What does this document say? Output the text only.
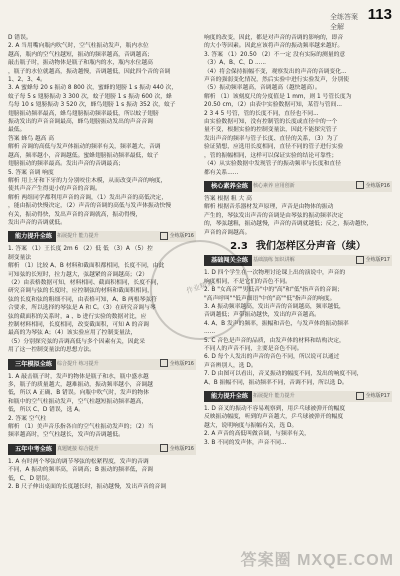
全练答案全解
113
D 错误。
2. A 当用嘴向瓶内吹气时，空气柱振动发声，瓶内水位
越高，瓶内的空气柱越短，振动的频率越高，音调越高；
敲击瓶子时，振动物体是瓶子和瓶内的水，瓶内水位越高
，瓶子的水位就越高，振动越慢，音调越低，因此四个音的音调
1、2、3、4。
3. A 蜜蜂每 20 s 振动 8 800 次，蜜蜂的翅膀 1 s 振动 440 次，
蚊子每 5 s 翅膀振动 3 300 次，蚊子翅膀 1 s 振动 600 次，蜂
鸟每 10 s 翅膀振动 3 520 次，蜂鸟翅膀 1 s 振动 352 次，蚊子
翅膀振动频率最高，蜂鸟翅膀振动频率最低，所以蚊子翅膀
振动发出的声音音调最高，蜂鸟翅膀振动发出的声音音调
最低。
答案 蜂鸟 越高 高
解析 音调的高低与发声体振动的频率有关，频率越大，音调
越高，频率越小，音调越低。蜜蜂翅膀振动频率最低，蚊子
翅膀振动的频率最高。发出声音的音调最高；
5. 答案 音调 响度
解析 用上牙和下牙的力分别咬住木模，从而改变声音的响度，
使其声音产生得更小的声音的音调。
解析 两组同学都利用声音的音调，（1）发出声音的高低决定，
，能由振动快慢决定，（2）声音的音调的高低与发声体振动快慢
有关，振动得快，发出声音的音调就高，振动得慢，
发出声音的音调就低。
能力提升全练 拓展提升 能力提升	全练版P16
1. 答案 （1）王长度 2m 6 （2）低 低 （3）A （5）控
制变量法
解析 （1）比较 A、B 材料和截面积都相同，长度不同，由此
可知弦的长短时，拉力越大，弦越紧的音调越高；（2）
（2）由表格数据可知，材料相同、截面积相同，长度不同，
研究音调与弦的长度时，应控制弦的材料和截面积相同，
弦的长度和弦的粗细不同，由表格可知，A、B 两根琴弦符
合要求，所以选择的琴弦是 A 和 C。（3）在研究音调与琴
弦的截面积的关系时，a 、b 进行实验的数据对比，应
控制材料相同，长度相同，改变截面积，可知 A 的音调
最高的为琴弦 A；（4）该实验应用了控制变量法，
（5）分别探究弦的音调高低与多个因素有关，因此采
用了这一控制变量法的思想方法。
三年模拟全练 综合提升 练习提升	全练版P16
1. A 敲击瓶子时，发声的物体是瓶子和水，瓶中盛水越
多，瓶子的质量越大，越难振动，振动频率越小，音调越
低，所以 A 正确、B 错误。向瓶中吹气时，发声的物体
和瓶中的空气柱振动发声，空气柱越短振动频率越高，
低，所以 C、D 错误，选 A。
2. 答案 空气柱
解析 （1）美声音乐指各自的空气柱振动发声的；（2）当
频率越高时，空气柱越长，发声的音调越低。
五年中考全练 真题链接 综合提升	全练版P16
1. A 有时两个琴弦的调节琴弦的松紧程度，发声的音调
不同，A 振动的频率高，音调高；B 振动的频率低，音调
低，C、D 错误。
2. B 尺子伸出桌面的长度越长时，振动越慢，发出声音的音调
响度的改变，因此，都是对声音的音调的影响的，即音
的大小等因素。因此应该将声音的振动频率越来越好。
3. 答案 （1）20.50 （2）不一定 没有实际的测量的意
（3）A、B、C、D ......
（4）将会保持振幅不变，观察发出的声音的音调变化...
声音的强弱变化情况，然后实验中进行实验发声，分别使
（5）振动频率越高，音调越高（越快越高）。
解析 （1）该刻度尺的分度值是 1 mm，则 1 号管长度为
20.50 cm，（2）由表中实验数据可知，某管与管间...
2 3 4 5 号管，管的长度不同，直径也不同...
由实验数据可知，没有控制管的长度或直径中的一个
量不变，根据实验的控制变量法，因此不能探究管子
发出声音的频率与管子长度、直径的关系，（3）为了
验证猜想，应选用长度相同，直径不同的管子进行实验
，管的振幅相同，这样可以保证实验的结论可靠性；
（4）从实验数据中发现管子的振动频率与长度和直径
都有关系......
核心素养全练 核心素养 应用创新	全练版P16
答案 根据 粗 大 高
解析 根据音乐器材发声原理，声音是由物体的振动
产生的，琴弦发出声音的音调是由琴弦的振动频率决定
的，琴弦越粗，振动越慢，声音的音调就越低；反之，振动越快，
声音的音调越高。
2.3 我们怎样区分声音（续）
基础闯关全练 基础演练 知识讲解	全练版P17
1. D 四个学生在一次物理讨论课上出的演说中，声音的
响度相同，不是它们的音色不同。
2. B "女高音""男低音"中的"高"和"低"指声音的音调；
"高声呼叫""低声细语"中的"高""低"指声音的响度。
3. A 振动频率越高，发出声音的音调越高，频率越低，
音调越低；声带振动越快，发出的声音越高。
4. A、B 发声的频率，振幅和音色，与发声体的振动频率
......
5. C 音色是声音的品质，由发声体的材料和结构决定，
不同人的声音不同，主要是音色不同。
6. D 每个人发出的声音的音色不同，所以说可以通过
声音辨别人，选 D。
7. D 由图可以看出，音叉振动的幅度不同，发出的响度不同，
A、B 振幅不同，振动频率不同，音调不同，所以选 D。
能力提升全练 拓展提升 能力提升	全练版P17
1. D 音叉的振动不容易观察到，用乒乓球被弹开的幅度
反映振动幅度，听到的声音越大，乒乓球被弹开的幅度
越大，说明响度与振幅有关，选 D。
2. A 声音的高低叫做音调，与频率有关，
3. B 不同的发声体，声音不同...
作业精灵
答案圈 MXQE.COM
